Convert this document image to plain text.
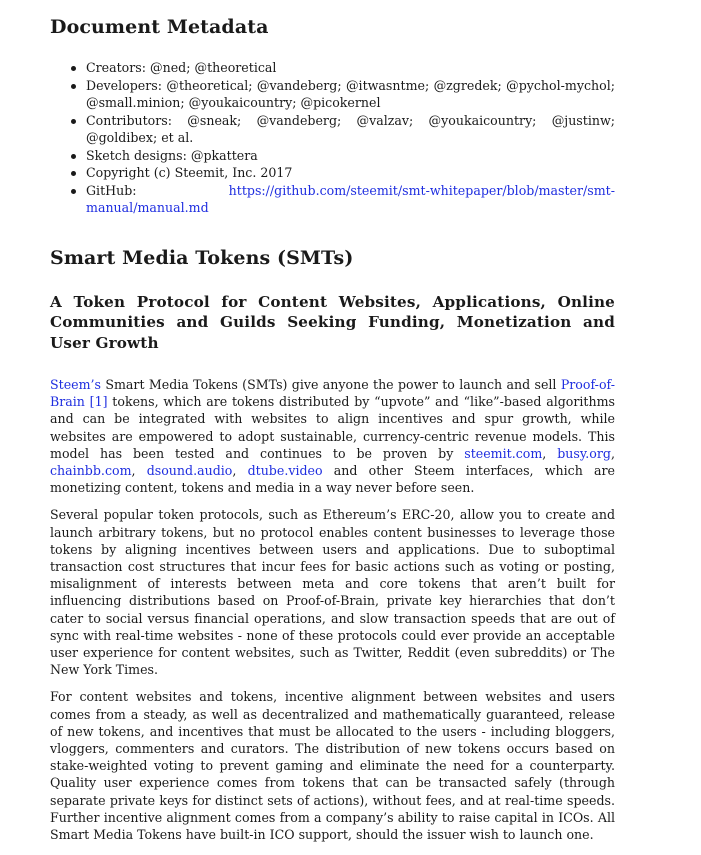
Document Metadata
Creators: @ned; @theoretical
Developers: @theoretical; @vandeberg; @itwasntme; @zgredek; @pychol-mychol; @small.minion; @youkaicountry; @picokernel
Contributors: @sneak; @vandeberg; @valzav; @youkaicountry; @justinw; @goldibex; et al.
Sketch designs: @pkattera
Copyright (c) Steemit, Inc. 2017
GitHub:	https://github.com/steemit/smt-whitepaper/blob/master/smt-manual/manual.md
Smart Media Tokens (SMTs)
A Token Protocol for Content Websites, Applications, Online Communities and Guilds Seeking Funding, Monetization and User Growth

Steem’s Smart Media Tokens (SMTs) give anyone the power to launch and sell Proof-of-Brain [1] tokens, which are tokens distributed by “upvote” and “like”-based algorithms and can be integrated with websites to align incentives and spur growth, while websites are empowered to adopt sustainable, currency-centric revenue models. This model has been tested and continues to be proven by steemit.com, busy.org, chainbb.com, dsound.audio, dtube.video and other Steem interfaces, which are monetizing content, tokens and media in a way never before seen.

Several popular token protocols, such as Ethereum’s ERC-20, allow you to create and launch arbitrary tokens, but no protocol enables content businesses to leverage those tokens by aligning incentives between users and applications. Due to suboptimal transaction cost structures that incur fees for basic actions such as voting or posting, misalignment of interests between meta and core tokens that aren’t built for influencing distributions based on Proof-of-Brain, private key hierarchies that don’t cater to social versus financial operations, and slow transaction speeds that are out of sync with real-time websites - none of these protocols could ever provide an acceptable user experience for content websites, such as Twitter, Reddit (even subreddits) or The New York Times.

For content websites and tokens, incentive alignment between websites and users comes from a steady, as well as decentralized and mathematically guaranteed, release of new tokens, and incentives that must be allocated to the users - including bloggers, vloggers, commenters and curators. The distribution of new tokens occurs based on stake-weighted voting to prevent gaming and eliminate the need for a counterparty. Quality user experience comes from tokens that can be transacted safely (through separate private keys for distinct sets of actions), without fees, and at real-time speeds. Further incentive alignment comes from a company’s ability to raise capital in ICOs. All Smart Media Tokens have built-in ICO support, should the issuer wish to launch one.
